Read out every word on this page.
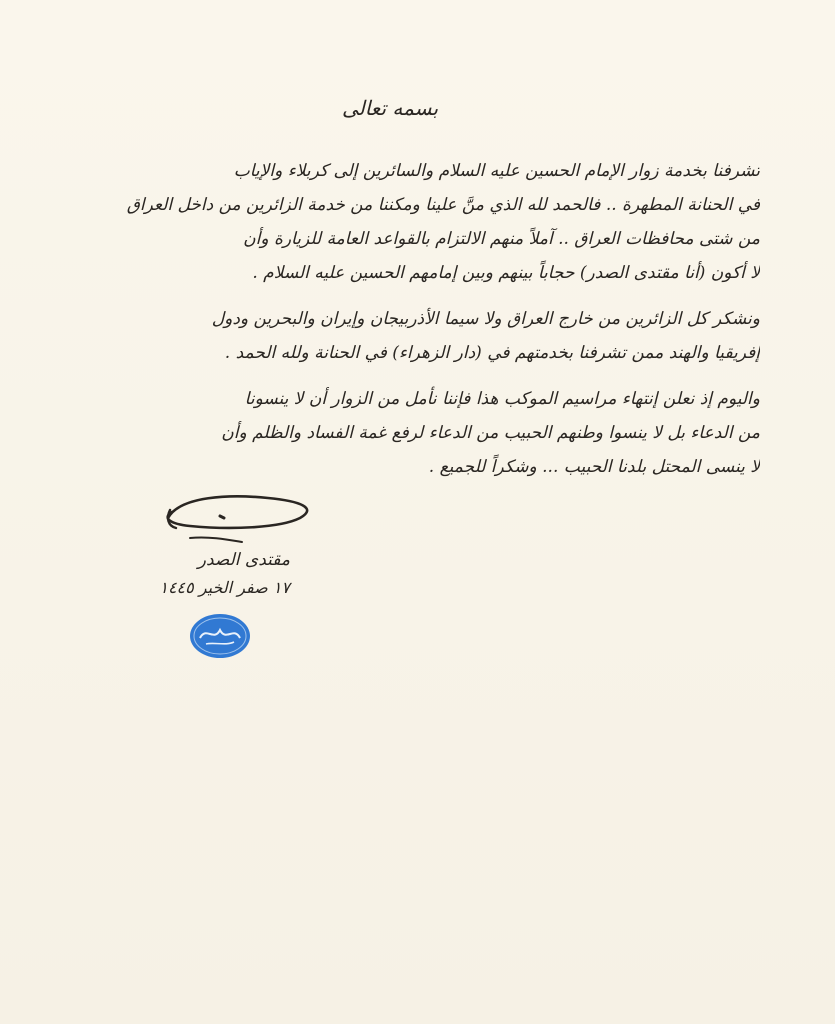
بسمه تعالى
تشرفنا بخدمة زوار الإمام الحسين عليه السلام والسائرين إلى كربلاء والإياب
في الحنانة المطهرة .. فالحمد لله الذي منَّ علينا ومكننا من خدمة الزائرين من داخل العراق
من شتى محافظات العراق .. آملاً منهم الالتزام بالقواعد العامة للزيارة وأن
لا أكون (أنا مقتدى الصدر) حجاباً بينهم وبين إمامهم الحسين عليه السلام .
ونشكر كل الزائرين من خارج العراق ولا سيما الأذربيجان وإيران والبحرين ودول
إفريقيا والهند ممن تشرفنا بخدمتهم في (دار الزهراء) في الحنانة ولله الحمد .
واليوم إذ نعلن إنتهاء مراسيم الموكب هذا فإننا نأمل من الزوار أن لا ينسونا
من الدعاء بل لا ينسوا وطنهم الحبيب من الدعاء لرفع غمة الفساد والظلم وأن
لا ينسى المحتل بلدنا الحبيب ... وشكراً للجميع .
مقتدى الصدر
١٧ صفر الخير ١٤٤٥
